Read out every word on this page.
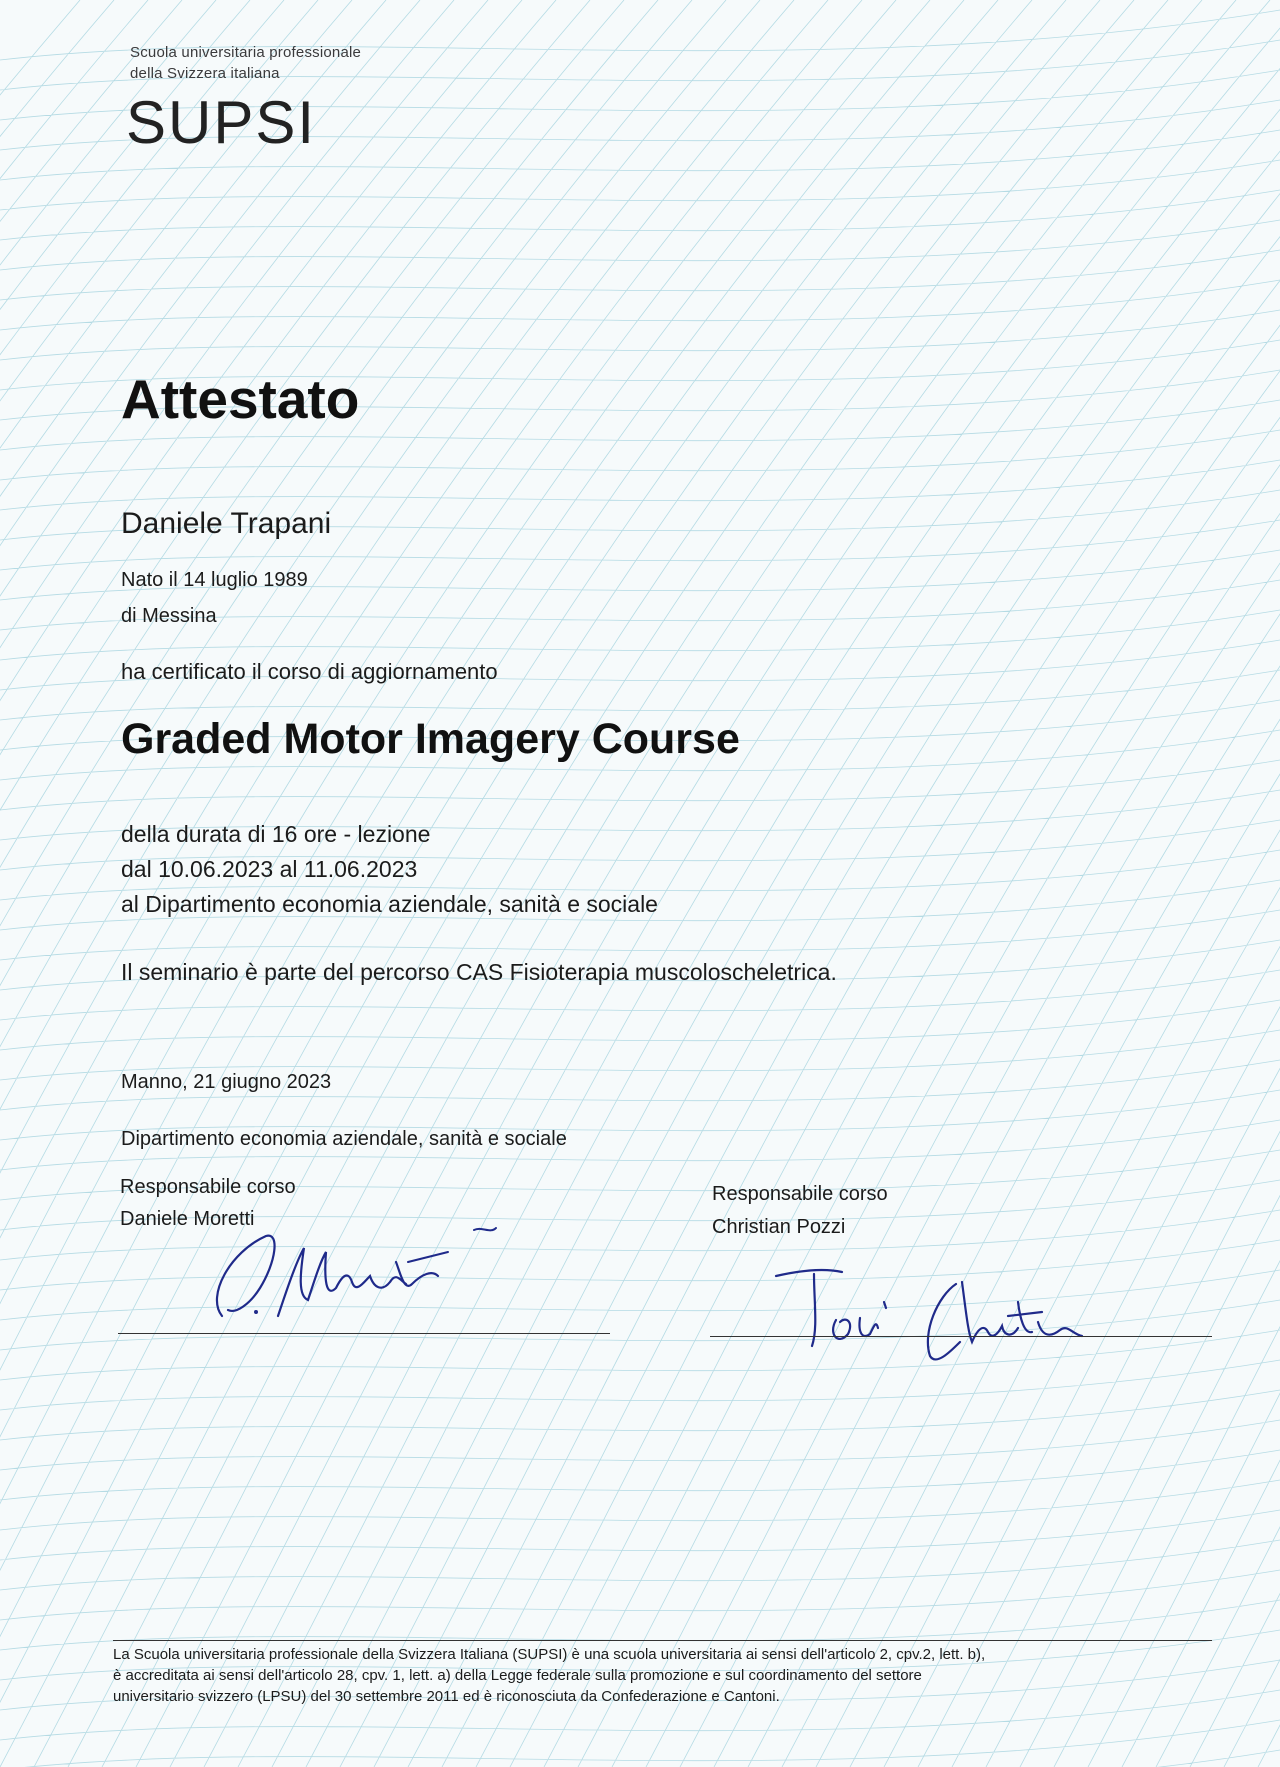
Scuola universitaria professionale
della Svizzera italiana
SUPSI
Attestato
Daniele Trapani
Nato il 14 luglio 1989
di Messina
ha certificato il corso di aggiornamento
Graded Motor Imagery Course
della durata di 16 ore - lezione
dal 10.06.2023 al 11.06.2023
al Dipartimento economia aziendale, sanità e sociale
Il seminario è parte del percorso CAS Fisioterapia muscoloscheletrica.
Manno, 21 giugno 2023
Dipartimento economia aziendale, sanità e sociale
Responsabile corso
Daniele Moretti
Responsabile corso
Christian Pozzi
La Scuola universitaria professionale della Svizzera Italiana (SUPSI) è una scuola universitaria ai sensi dell'articolo 2, cpv.2, lett. b),
è accreditata ai sensi dell'articolo 28, cpv. 1, lett. a) della Legge federale sulla promozione e sul coordinamento del settore
universitario svizzero (LPSU) del 30 settembre 2011 ed è riconosciuta da Confederazione e Cantoni.
